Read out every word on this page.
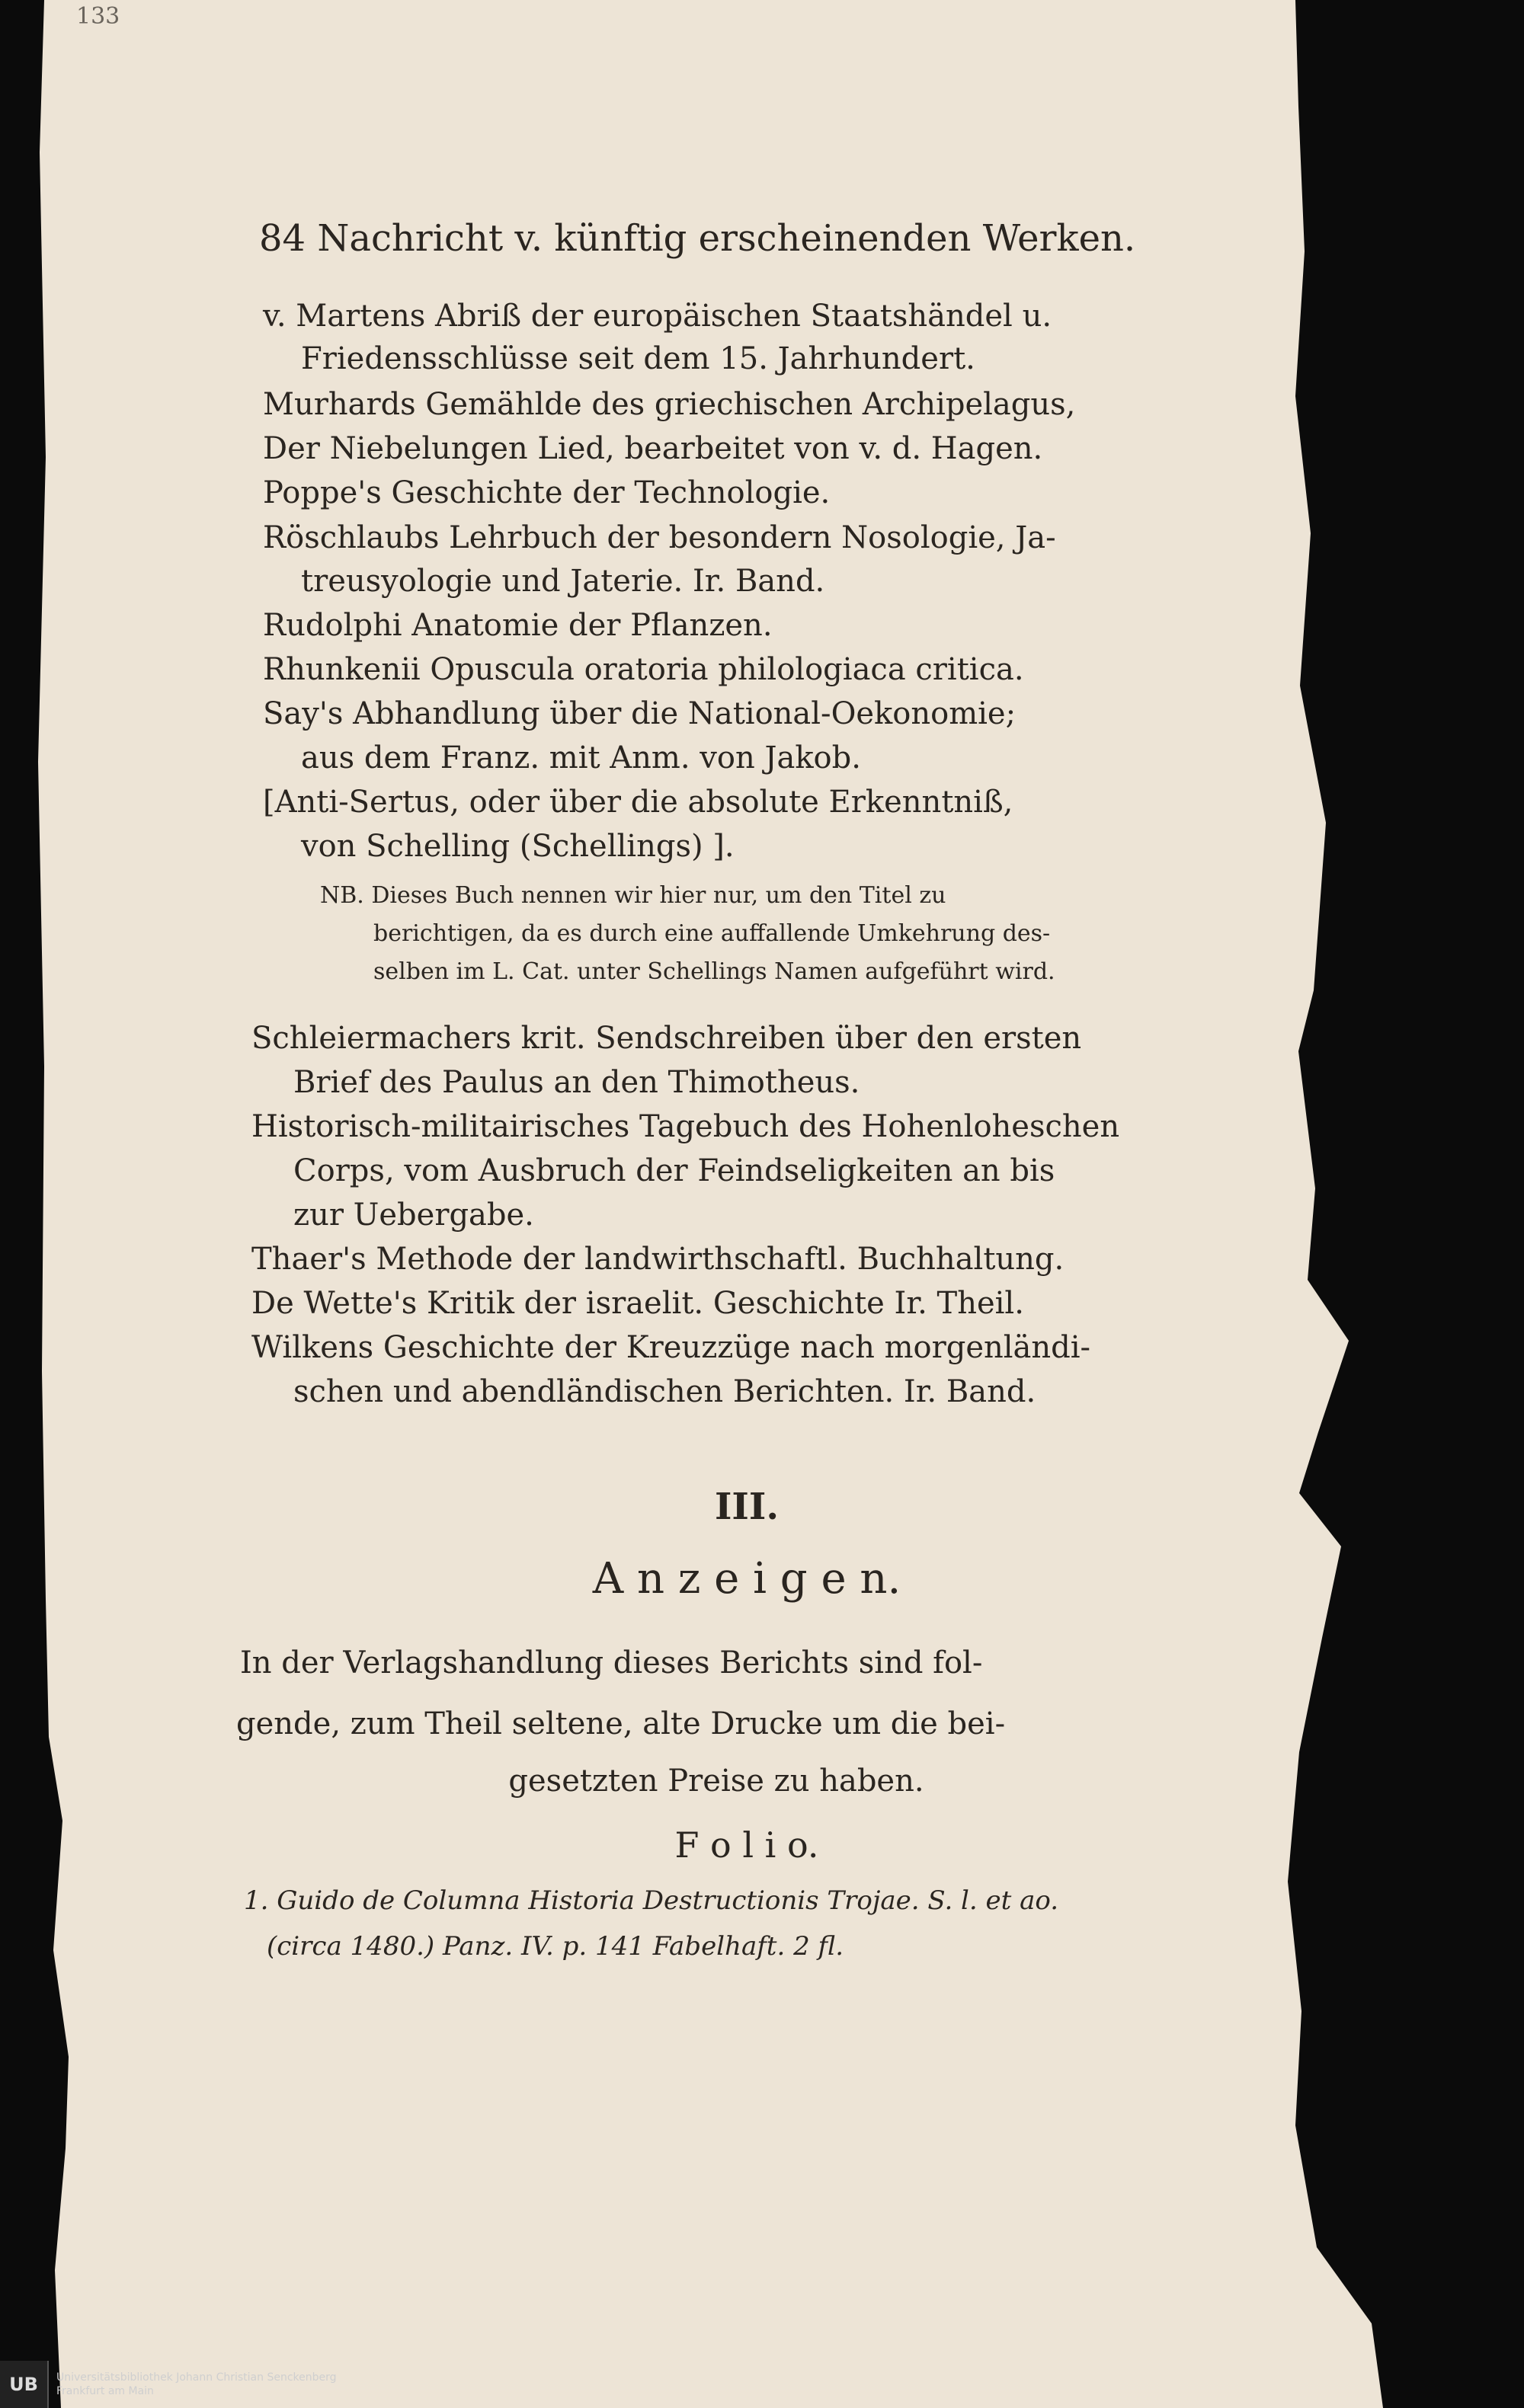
133
84 Nachricht v. künftig erscheinenden Werken.
v. Martens Abriß der europäischen Staatshändel u.
Friedensschlüsse seit dem 15. Jahrhundert.
Murhards Gemählde des griechischen Archipelagus,
Der Niebelungen Lied, bearbeitet von v. d. Hagen.
Poppe's Geschichte der Technologie.
Röschlaubs Lehrbuch der besondern Nosologie, Ja-
treusyologie und Jaterie. Ir. Band.
Rudolphi Anatomie der Pflanzen.
Rhunkenii Opuscula oratoria philologiaca critica.
Say's Abhandlung über die National-Oekonomie;
aus dem Franz. mit Anm. von Jakob.
[Anti-Sertus, oder über die absolute Erkenntniß,
von Schelling (Schellings) ].
NB. Dieses Buch nennen wir hier nur, um den Titel zu
berichtigen, da es durch eine auffallende Umkehrung des-
selben im L. Cat. unter Schellings Namen aufgeführt wird.
Schleiermachers krit. Sendschreiben über den ersten
Brief des Paulus an den Thimotheus.
Historisch-militairisches Tagebuch des Hohenloheschen
Corps, vom Ausbruch der Feindseligkeiten an bis
zur Uebergabe.
Thaer's Methode der landwirthschaftl. Buchhaltung.
De Wette's Kritik der israelit. Geschichte Ir. Theil.
Wilkens Geschichte der Kreuzzüge nach morgenländi-
schen und abendländischen Berichten. Ir. Band.
III.
A n z e i g e n.
In der Verlagshandlung dieses Berichts sind fol-
gende, zum Theil seltene, alte Drucke um die bei-
gesetzten Preise zu haben.
F o l i o.
1. Guido de Columna Historia Destructionis Trojae. S. l. et ao.
(circa 1480.) Panz. IV. p. 141 Fabelhaft. 2 fl.
UB	Universitätsbibliothek Johann Christian Senckenberg
Frankfurt am Main
